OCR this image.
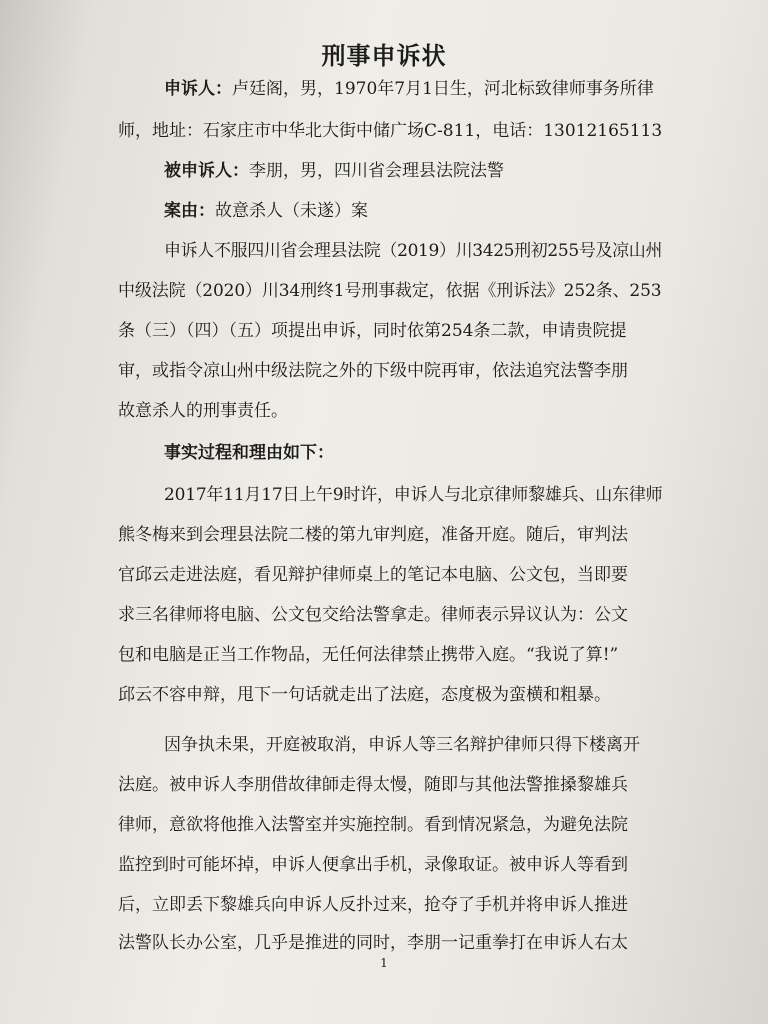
刑事申诉状
申诉人：卢廷阁，男，1970年7月1日生，河北标致律师事务所律
师，地址：石家庄市中华北大街中储广场C-811，电话：13012165113
被申诉人：李朋，男，四川省会理县法院法警
案由：故意杀人（未遂）案
申诉人不服四川省会理县法院（2019）川3425刑初255号及凉山州
中级法院（2020）川34刑终1号刑事裁定，依据《刑诉法》252条、253
条（三）（四）（五）项提出申诉，同时依第254条二款，申请贵院提
审，或指令凉山州中级法院之外的下级中院再审，依法追究法警李朋
故意杀人的刑事责任。
事实过程和理由如下：
2017年11月17日上午9时许，申诉人与北京律师黎雄兵、山东律师
熊冬梅来到会理县法院二楼的第九审判庭，准备开庭。随后，审判法
官邱云走进法庭，看见辩护律师桌上的笔记本电脑、公文包，当即要
求三名律师将电脑、公文包交给法警拿走。律师表示异议认为：公文
包和电脑是正当工作物品，无任何法律禁止携带入庭。“我说了算!”
邱云不容申辩，甩下一句话就走出了法庭，态度极为蛮横和粗暴。
因争执未果，开庭被取消，申诉人等三名辩护律师只得下楼离开
法庭。被申诉人李朋借故律師走得太慢，随即与其他法警推搡黎雄兵
律师，意欲将他推入法警室并实施控制。看到情况紧急，为避免法院
监控到时可能坏掉，申诉人便拿出手机，录像取证。被申诉人等看到
后，立即丢下黎雄兵向申诉人反扑过来，抢夺了手机并将申诉人推进
法警队长办公室，几乎是推进的同时，李朋一记重拳打在申诉人右太
1
